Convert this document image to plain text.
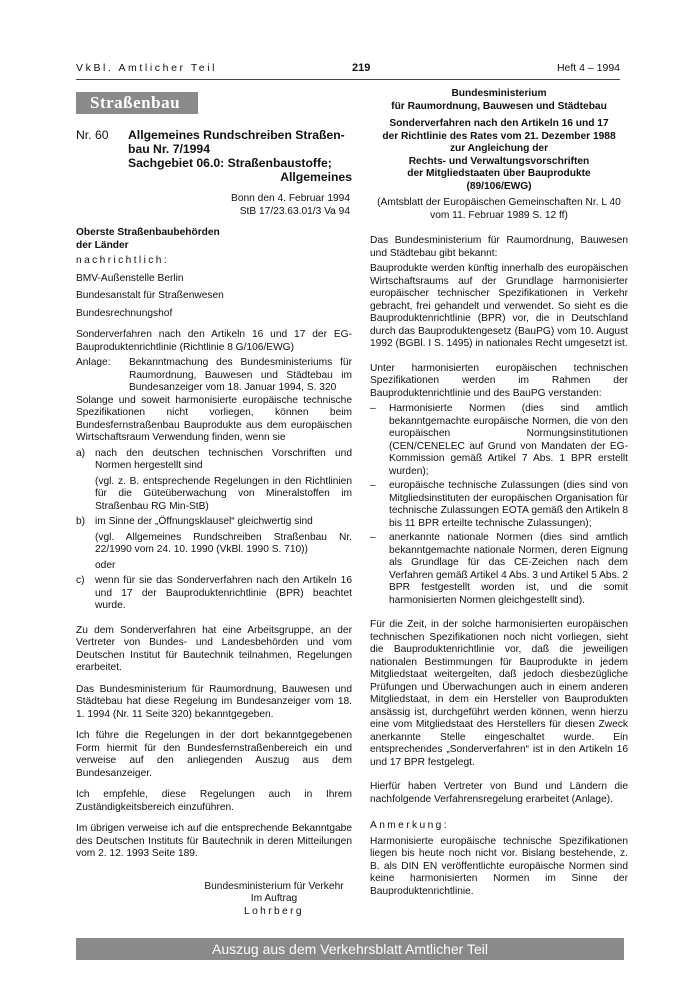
VkBl. Amtlicher Teil	219	Heft 4 – 1994
Straßenbau
Nr. 60	Allgemeines Rundschreiben Straßen-
bau Nr. 7/1994
Sachgebiet 06.0: Straßenbaustoffe;
Allgemeines
Bonn den 4. Februar 1994
StB 17/23.63.01/3 Va 94

Oberste Straßenbaubehörden der Länder

nachrichtlich:

BMV-Außenstelle Berlin

Bundesanstalt für Straßenwesen

Bundesrechnungshof

Sonderverfahren nach den Artikeln 16 und 17 der EG-Bauproduktenrichtlinie (Richtlinie 8 G/106/EWG)

Anlage:	Bekanntmachung des Bundesministeriums für Raumordnung, Bauwesen und Städtebau im Bundesanzeiger vom 18. Januar 1994, S. 320

Solange und soweit harmonisierte europäische technische Spezifikationen nicht vorliegen, können beim Bundesfernstraßenbau Bauprodukte aus dem europäischen Wirtschaftsraum Verwendung finden, wenn sie

a) nach den deutschen technischen Vorschriften und Normen hergestellt sind

(vgl. z. B. entsprechende Regelungen in den Richtlinien für die Güteüberwachung von Mineralstoffen im Straßenbau RG Min-StB)

b) im Sinne der „Öffnungsklausel“ gleichwertig sind

(vgl. Allgemeines Rundschreiben Straßenbau Nr. 22/1990 vom 24. 10. 1990 (VkBl. 1990 S. 710))

oder

c)	wenn für sie das Sonderverfahren nach den Artikeln 16 und 17 der Bauproduktenrichtlinie (BPR) beachtet wurde.

Zu dem Sonderverfahren hat eine Arbeitsgruppe, an der Vertreter von Bundes- und Landesbehörden und vom Deutschen Institut für Bautechnik teilnahmen, Regelungen erarbeitet.

Das Bundesministerium für Raumordnung, Bauwesen und Städtebau hat diese Regelung im Bundesanzeiger vom 18. 1. 1994 (Nr. 11 Seite 320) bekanntgegeben.

Ich führe die Regelungen in der dort bekanntgegebenen Form hiermit für den Bundesfernstraßenbereich ein und verweise auf den anliegenden Auszug aus dem Bundesanzeiger.

Ich empfehle, diese Regelungen auch in Ihrem Zuständigkeitsbereich einzuführen.

Im übrigen verweise ich auf die entsprechende Bekanntgabe des Deutschen Instituts für Bautechnik in deren Mitteilungen vom 2. 12. 1993 Seite 189.

Bundesministerium für Verkehr
Im Auftrag
Lohrberg
Bundesministerium
für Raumordnung, Bauwesen und Städtebau
Sonderverfahren nach den Artikeln 16 und 17
der Richtlinie des Rates vom 21. Dezember 1988
zur Angleichung der
Rechts- und Verwaltungsvorschriften
der Mitgliedstaaten über Bauprodukte
(89/106/EWG)
(Amtsblatt der Europäischen Gemeinschaften Nr. L 40
vom 11. Februar 1989 S. 12 ff)

Das Bundesministerium für Raumordnung, Bauwesen und Städtebau gibt bekannt:

Bauprodukte werden künftig innerhalb des europäischen Wirtschaftsraums auf der Grundlage harmonisierter europäischer technischer Spezifikationen in Verkehr gebracht, frei gehandelt und verwendet. So sieht es die Bauproduktenrichtlinie (BPR) vor, die in Deutschland durch das Bauproduktengesetz (BauPG) vom 10. August 1992 (BGBl. I S. 1495) in nationales Recht umgesetzt ist.

Unter harmonisierten europäischen technischen Spezifikationen werden im Rahmen der Bauproduktenrichtlinie und des BauPG verstanden:

–	Harmonisierte Normen (dies sind amtlich bekanntgemachte europäische Normen, die von den europäischen Normungsinstitutionen (CEN/CENELEC auf Grund von Mandaten der EG-Kommission gemäß Artikel 7 Abs. 1 BPR erstellt wurden);
–	europäische technische Zulassungen (dies sind von Mitgliedsinstituten der europäischen Organisation für technische Zulassungen EOTA gemäß den Artikeln 8 bis 11 BPR erteilte technische Zulassungen);
–	anerkannte nationale Normen (dies sind amtlich bekanntgemachte nationale Normen, deren Eignung als Grundlage für das CE-Zeichen nach dem Verfahren gemäß Artikel 4 Abs. 3 und Artikel 5 Abs. 2 BPR festgestellt worden ist, und die somit harmonisierten Normen gleichgestellt sind).

Für die Zeit, in der solche harmonisierten europäischen technischen Spezifikationen noch nicht vorliegen, sieht die Bauproduktenrichtlinie vor, daß die jeweiligen nationalen Bestimmungen für Bauprodukte in jedem Mitgliedstaat weitergelten, daß jedoch diesbezügliche Prüfungen und Überwachungen auch in einem anderen Mitgliedstaat, in dem ein Hersteller von Bauprodukten ansässig ist, durchgeführt werden können, wenn hierzu eine vom Mitgliedstaat des Herstellers für diesen Zweck anerkannte Stelle eingeschaltet wurde. Ein entsprechendes „Sonderverfahren“ ist in den Artikeln 16 und 17 BPR festgelegt.

Hierfür haben Vertreter von Bund und Ländern die nachfolgende Verfahrensregelung erarbeitet (Anlage).

Anmerkung:

Harmonisierte europäische technische Spezifikationen liegen bis heute noch nicht vor. Bislang bestehende, z. B. als DIN EN veröffentlichte europäische Normen sind keine harmonisierten Normen im Sinne der Bauproduktenrichtlinie.

Auszug aus dem Verkehrsblatt Amtlicher Teil
